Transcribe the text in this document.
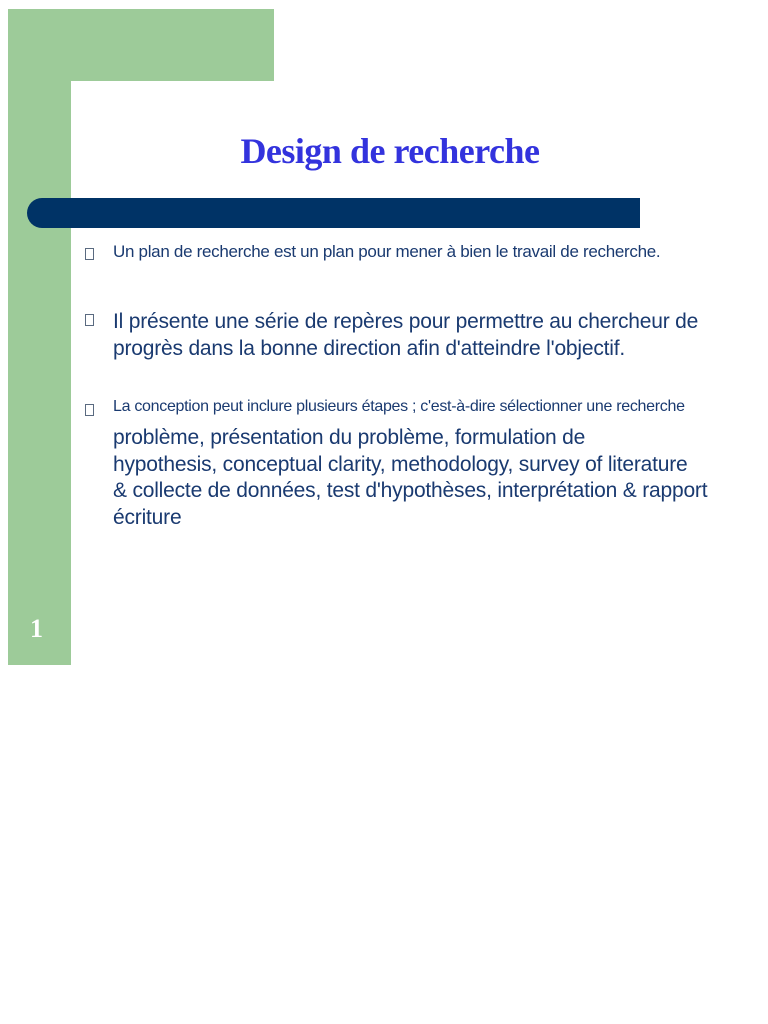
Design de recherche
Un plan de recherche est un plan pour mener à bien le travail de recherche.
Il présente une série de repères pour permettre au chercheur de
progrès dans la bonne direction afin d'atteindre l'objectif.
La conception peut inclure plusieurs étapes ; c'est-à-dire sélectionner une recherche
problème, présentation du problème, formulation de
hypothesis, conceptual clarity, methodology, survey of literature
& collecte de données, test d'hypothèses, interprétation & rapport
écriture
1
